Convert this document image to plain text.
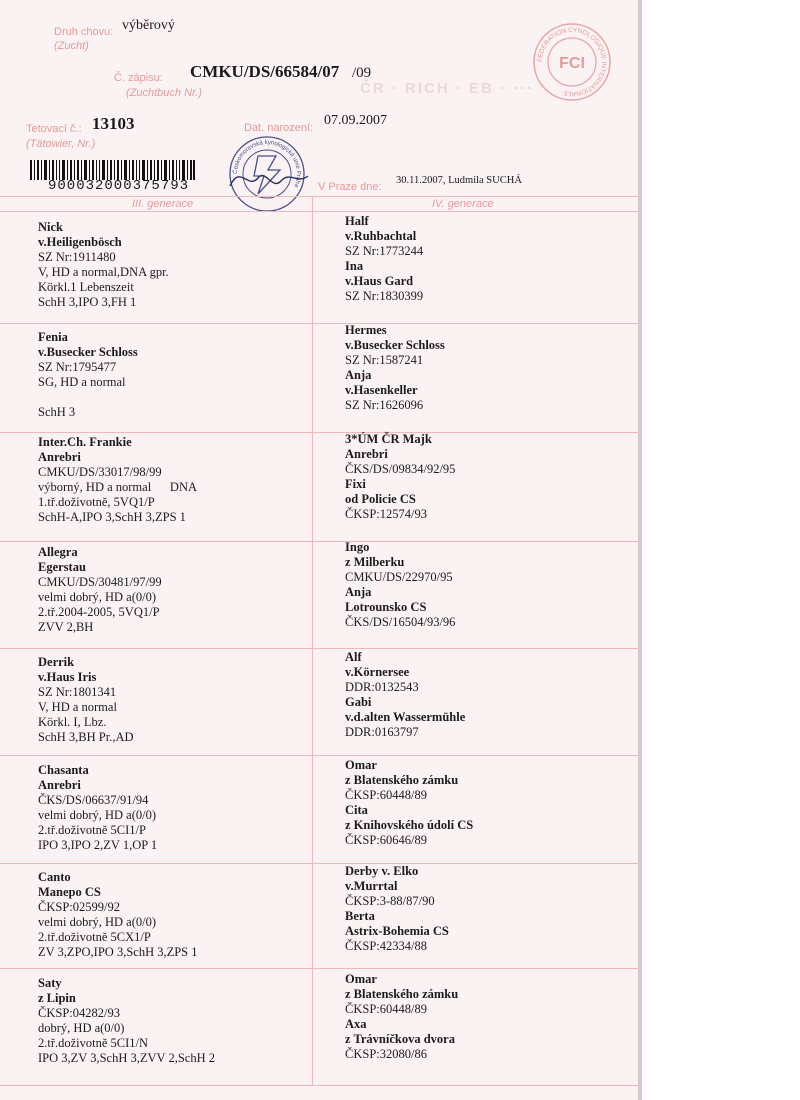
Druh chovu:
(Zucht)
výběrový
Č. zápisu:
(Zuchtbuch Nr.)
CMKU/DS/66584/07 /09
Tetovací č.:
(Tätowier, Nr.)
13103	Dat. narození: 07.09.2007
ČR · RICH · EB · ···
900032000375793
FEDERATION CYNOLOGIQUE INTERNATIONALE
FCI
Českomoravská kynologická unie Praha V Praze dne:
30.11.2007, Ludmila SUCHÁ
III. generace	IV. generace
Nick
v.Heiligenbösch
SZ Nr:1911480
V, HD a normal,DNA gpr.
Körkl.1 Lebenszeit
SchH 3,IPO 3,FH 1
Fenia
v.Busecker Schloss
SZ Nr:1795477
SG, HD a normal
SchH 3
Inter.Ch. Frankie
Anrebri
CMKU/DS/33017/98/99
výborný, HD a normal      DNA
1.tř.doživotně, 5VQ1/P
SchH-A,IPO 3,SchH 3,ZPS 1
Allegra
Egerstau
CMKU/DS/30481/97/99
velmi dobrý, HD a(0/0)
2.tř.2004-2005, 5VQ1/P
ZVV 2,BH
Derrik
v.Haus Iris
SZ Nr:1801341
V, HD a normal
Körkl. I, Lbz.
SchH 3,BH Pr.,AD
Chasanta
Anrebri
ČKS/DS/06637/91/94
velmi dobrý, HD a(0/0)
2.tř.doživotně 5CI1/P
IPO 3,IPO 2,ZV 1,OP 1
Canto
Manepo CS
ČKSP:02599/92
velmi dobrý, HD a(0/0)
2.tř.doživotně 5CX1/P
ZV 3,ZPO,IPO 3,SchH 3,ZPS 1
Saty
z Lipin
ČKSP:04282/93
dobrý, HD a(0/0)
2.tř.doživotně 5CI1/N
IPO 3,ZV 3,SchH 3,ZVV 2,SchH 2
Half
v.Ruhbachtal
SZ Nr:1773244
Ina
v.Haus Gard
SZ Nr:1830399
Hermes
v.Busecker Schloss
SZ Nr:1587241
Anja
v.Hasenkeller
SZ Nr:1626096
3*ÚM ČR Majk
Anrebri
ČKS/DS/09834/92/95
Fixi
od Policie CS
ČKSP:12574/93
Ingo
z Milberku
CMKU/DS/22970/95
Anja
Lotrounsko CS
ČKS/DS/16504/93/96
Alf
v.Körnersee
DDR:0132543
Gabi
v.d.alten Wassermühle
DDR:0163797
Omar
z Blatenského zámku
ČKSP:60448/89
Cita
z Knihovského údolí CS
ČKSP:60646/89
Derby v. Elko
v.Murrtal
ČKSP:3-88/87/90
Berta
Astrix-Bohemia CS
ČKSP:42334/88
Omar
z Blatenského zámku
ČKSP:60448/89
Axa
z Trávníčkova dvora
ČKSP:32080/86
